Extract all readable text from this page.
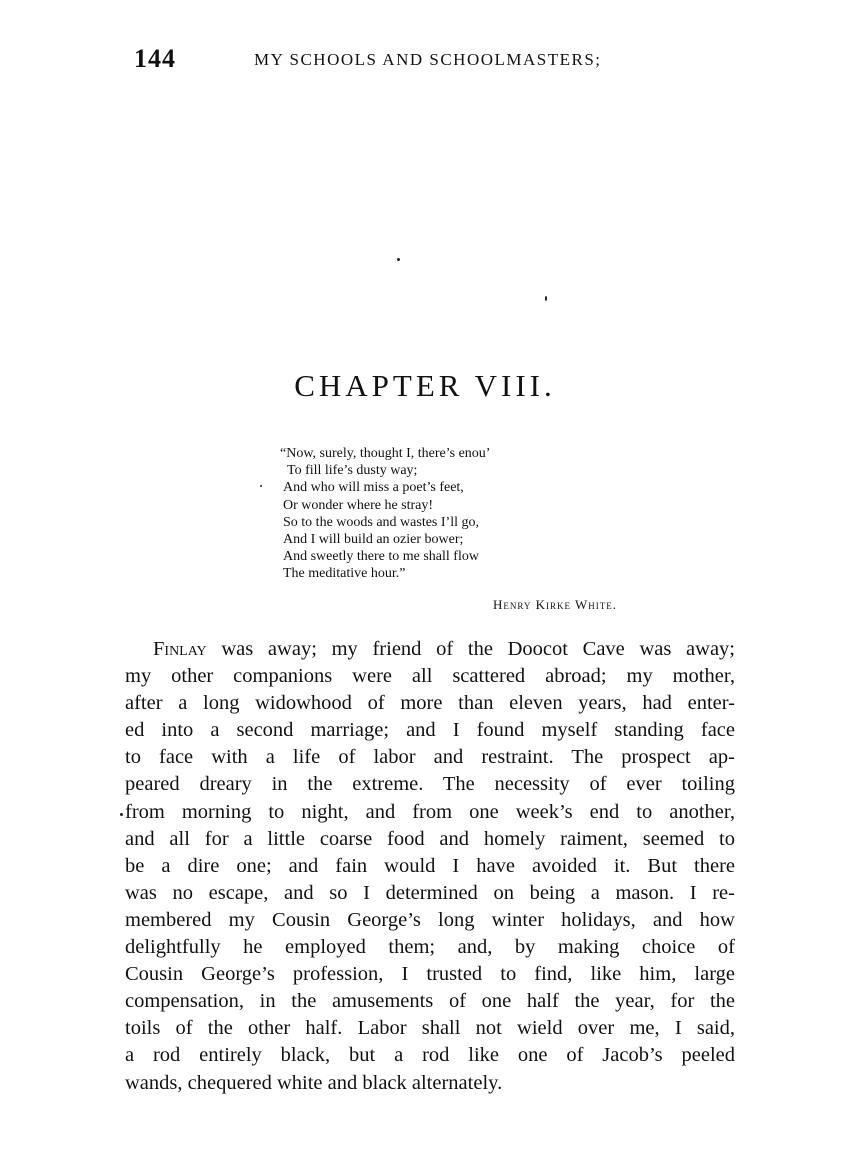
144	MY SCHOOLS AND SCHOOLMASTERS;
CHAPTER VIII.
“Now, surely, thought I, there’s enou’
To fill life’s dusty way;
And who will miss a poet’s feet,
Or wonder where he stray!
So to the woods and wastes I’ll go,
And I will build an ozier bower;
And sweetly there to me shall flow
The meditative hour.”
Henry Kirke White.
Finlay was away; my friend of the Doocot Cave was away;
my other companions were all scattered abroad; my mother,
after a long widowhood of more than eleven years, had enter-
ed into a second marriage; and I found myself standing face
to face with a life of labor and restraint. The prospect ap-
peared dreary in the extreme. The necessity of ever toiling
from morning to night, and from one week’s end to another,
and all for a little coarse food and homely raiment, seemed to
be a dire one; and fain would I have avoided it. But there
was no escape, and so I determined on being a mason. I re-
membered my Cousin George’s long winter holidays, and how
delightfully he employed them; and, by making choice of
Cousin George’s profession, I trusted to find, like him, large
compensation, in the amusements of one half the year, for the
toils of the other half. Labor shall not wield over me, I said,
a rod entirely black, but a rod like one of Jacob’s peeled
wands, chequered white and black alternately.
